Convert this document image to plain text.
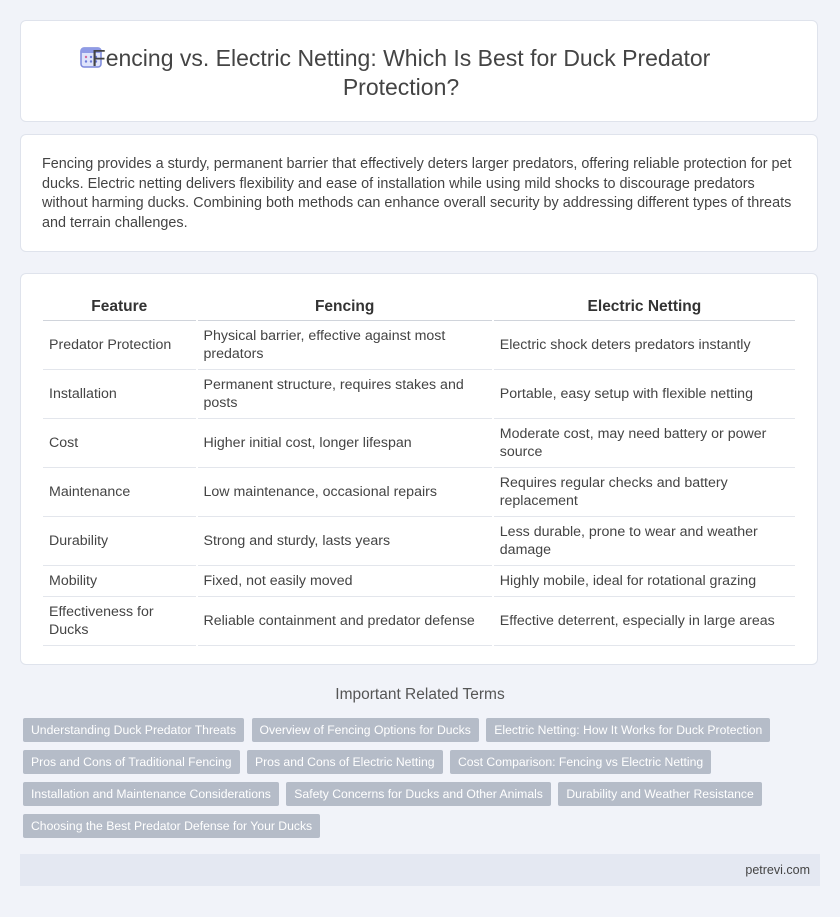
Fencing vs. Electric Netting: Which Is Best for Duck Predator Protection?

Fencing provides a sturdy, permanent barrier that effectively deters larger predators, offering reliable protection for pet ducks. Electric netting delivers flexibility and ease of installation while using mild shocks to discourage predators without harming ducks. Combining both methods can enhance overall security by addressing different types of threats and terrain challenges.

Feature	Fencing	Electric Netting
Predator Protection	Physical barrier, effective against most predators	Electric shock deters predators instantly
Installation	Permanent structure, requires stakes and posts	Portable, easy setup with flexible netting
Cost	Higher initial cost, longer lifespan	Moderate cost, may need battery or power source
Maintenance	Low maintenance, occasional repairs	Requires regular checks and battery replacement
Durability	Strong and sturdy, lasts years	Less durable, prone to wear and weather damage
Mobility	Fixed, not easily moved	Highly mobile, ideal for rotational grazing
Effectiveness for Ducks	Reliable containment and predator defense	Effective deterrent, especially in large areas
Important Related Terms
Understanding Duck Predator Threats Overview of Fencing Options for Ducks Electric Netting: How It Works for Duck Protection Pros and Cons of Traditional Fencing Pros and Cons of Electric Netting Cost Comparison: Fencing vs Electric Netting Installation and Maintenance Considerations Safety Concerns for Ducks and Other Animals Durability and Weather Resistance Choosing the Best Predator Defense for Your Ducks
petrevi.com
